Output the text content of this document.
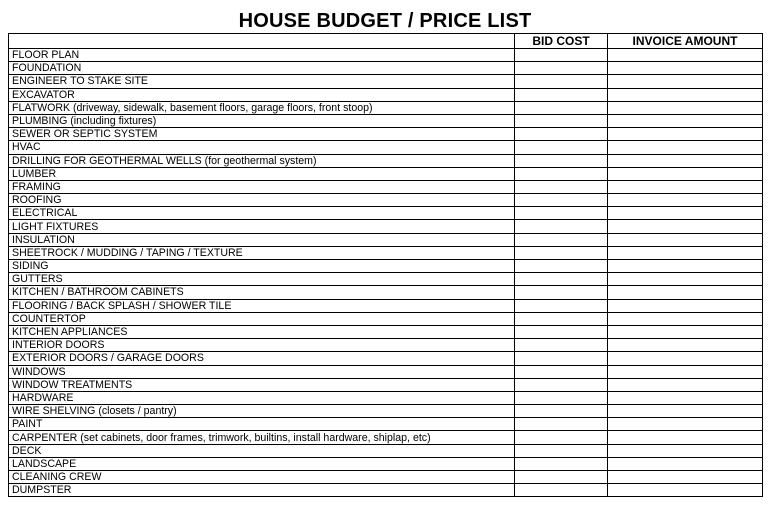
HOUSE BUDGET / PRICE LIST
	BID COST	INVOICE AMOUNT
FLOOR PLAN		
FOUNDATION		
ENGINEER TO STAKE SITE		
EXCAVATOR		
FLATWORK (driveway, sidewalk, basement floors, garage floors, front stoop)		
PLUMBING (including fixtures)		
SEWER OR SEPTIC SYSTEM		
HVAC		
DRILLING FOR GEOTHERMAL WELLS (for geothermal system)		
LUMBER		
FRAMING		
ROOFING		
ELECTRICAL		
LIGHT FIXTURES		
INSULATION		
SHEETROCK / MUDDING / TAPING / TEXTURE		
SIDING		
GUTTERS		
KITCHEN / BATHROOM CABINETS		
FLOORING / BACK SPLASH / SHOWER TILE		
COUNTERTOP		
KITCHEN APPLIANCES		
INTERIOR DOORS		
EXTERIOR DOORS / GARAGE DOORS		
WINDOWS		
WINDOW TREATMENTS		
HARDWARE		
WIRE SHELVING (closets / pantry)		
PAINT		
CARPENTER (set cabinets, door frames, trimwork, builtins, install hardware, shiplap, etc)		
DECK		
LANDSCAPE		
CLEANING CREW		
DUMPSTER		
